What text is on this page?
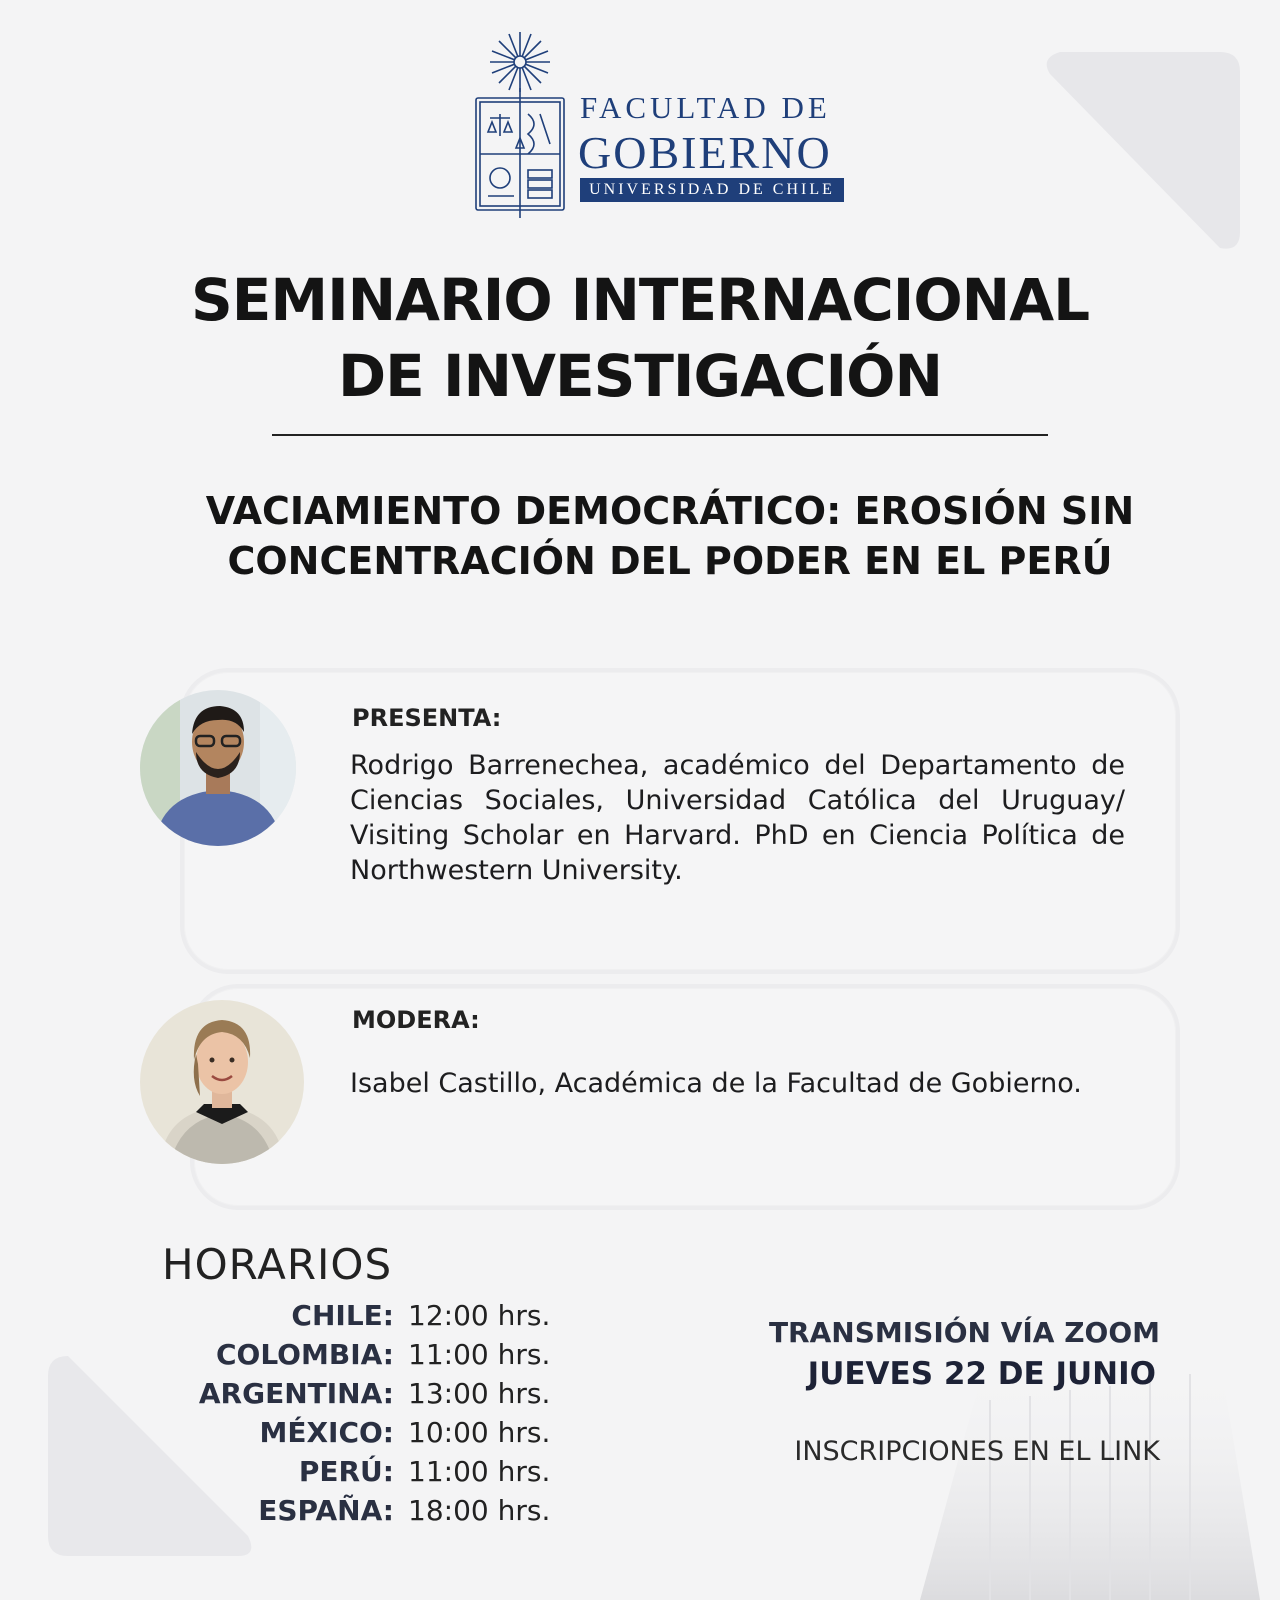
FACULTAD DE
GOBIERNO
UNIVERSIDAD DE CHILE
SEMINARIO INTERNACIONAL DE INVESTIGACIÓN
VACIAMIENTO DEMOCRÁTICO: EROSIÓN SIN CONCENTRACIÓN DEL PODER EN EL PERÚ
PRESENTA:
Rodrigo Barrenechea, académico del Departamento de Ciencias Sociales, Universidad Católica del Uruguay/ Visiting Scholar en Harvard. PhD en Ciencia Política de Northwestern University.
MODERA:
Isabel Castillo, Académica de la Facultad de Gobierno.
HORARIOS
CHILE: 12:00 hrs.
COLOMBIA: 11:00 hrs.
ARGENTINA: 13:00 hrs.
MÉXICO: 10:00 hrs.
PERÚ: 11:00 hrs.
ESPAÑA: 18:00 hrs.
TRANSMISIÓN VÍA ZOOM
JUEVES 22 DE JUNIO
INSCRIPCIONES EN EL LINK
